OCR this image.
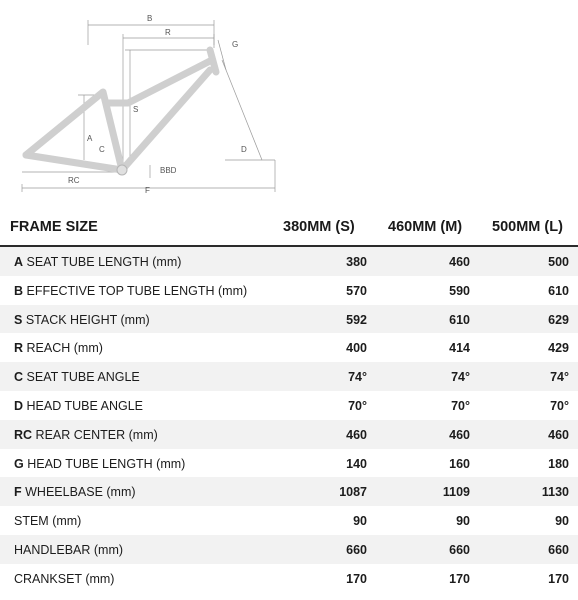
B
R
G
S
A
C	D
BBD
RC
F
FRAME SIZE	380MM (S) 460MM (M) 500MM (L)
A SEAT TUBE LENGTH (mm)	380	460	500
B EFFECTIVE TOP TUBE LENGTH (mm)	570	590	610
S STACK HEIGHT (mm)	592	610	629
R REACH (mm)	400	414	429
C SEAT TUBE ANGLE	74°	74°	74°
D HEAD TUBE ANGLE	70°	70°	70°
RC REAR CENTER (mm)	460	460	460
G HEAD TUBE LENGTH (mm)	140	160	180
F WHEELBASE (mm)	1087	1109	1130
STEM (mm)	90	90	90
HANDLEBAR (mm)	660	660	660
CRANKSET (mm)	170	170	170
